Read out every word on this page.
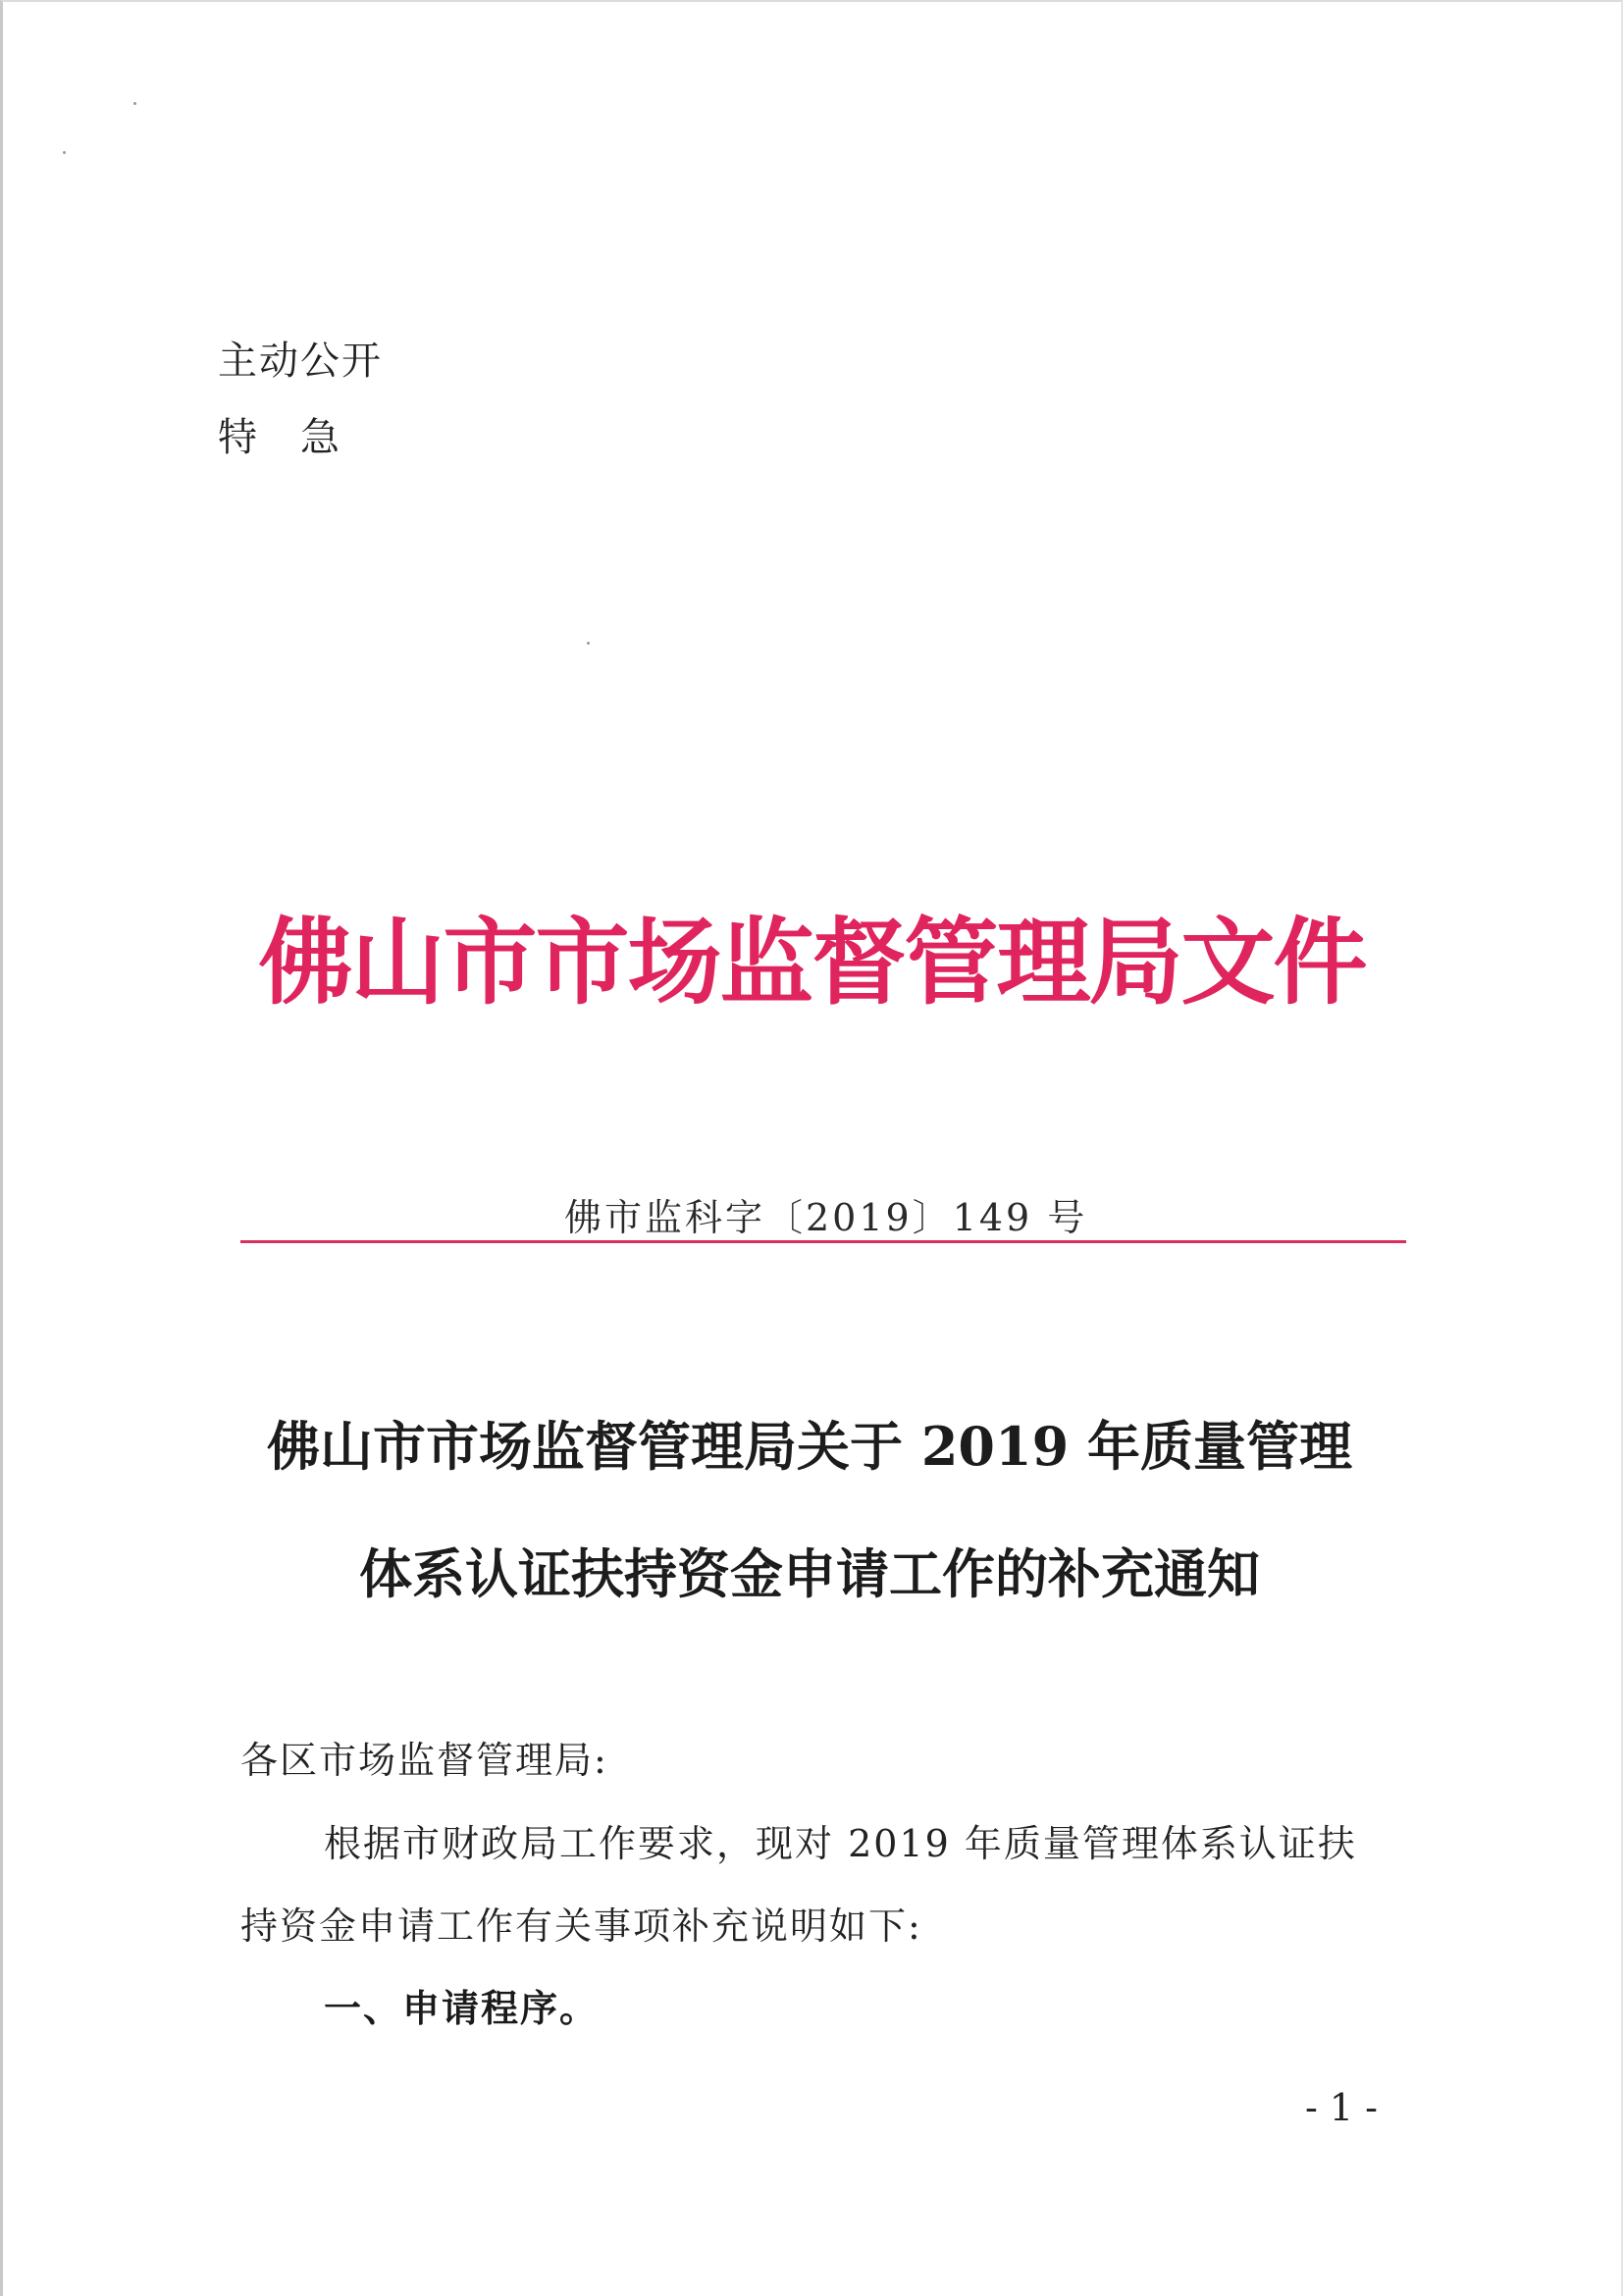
主动公开
特急
佛山市市场监督管理局文件
佛市监科字〔2019〕149 号
佛山市市场监督管理局关于 2019 年质量管理
体系认证扶持资金申请工作的补充通知
各区市场监督管理局:
根据市财政局工作要求，现对 2019 年质量管理体系认证扶
持资金申请工作有关事项补充说明如下:
一、申请程序。
- 1 -
